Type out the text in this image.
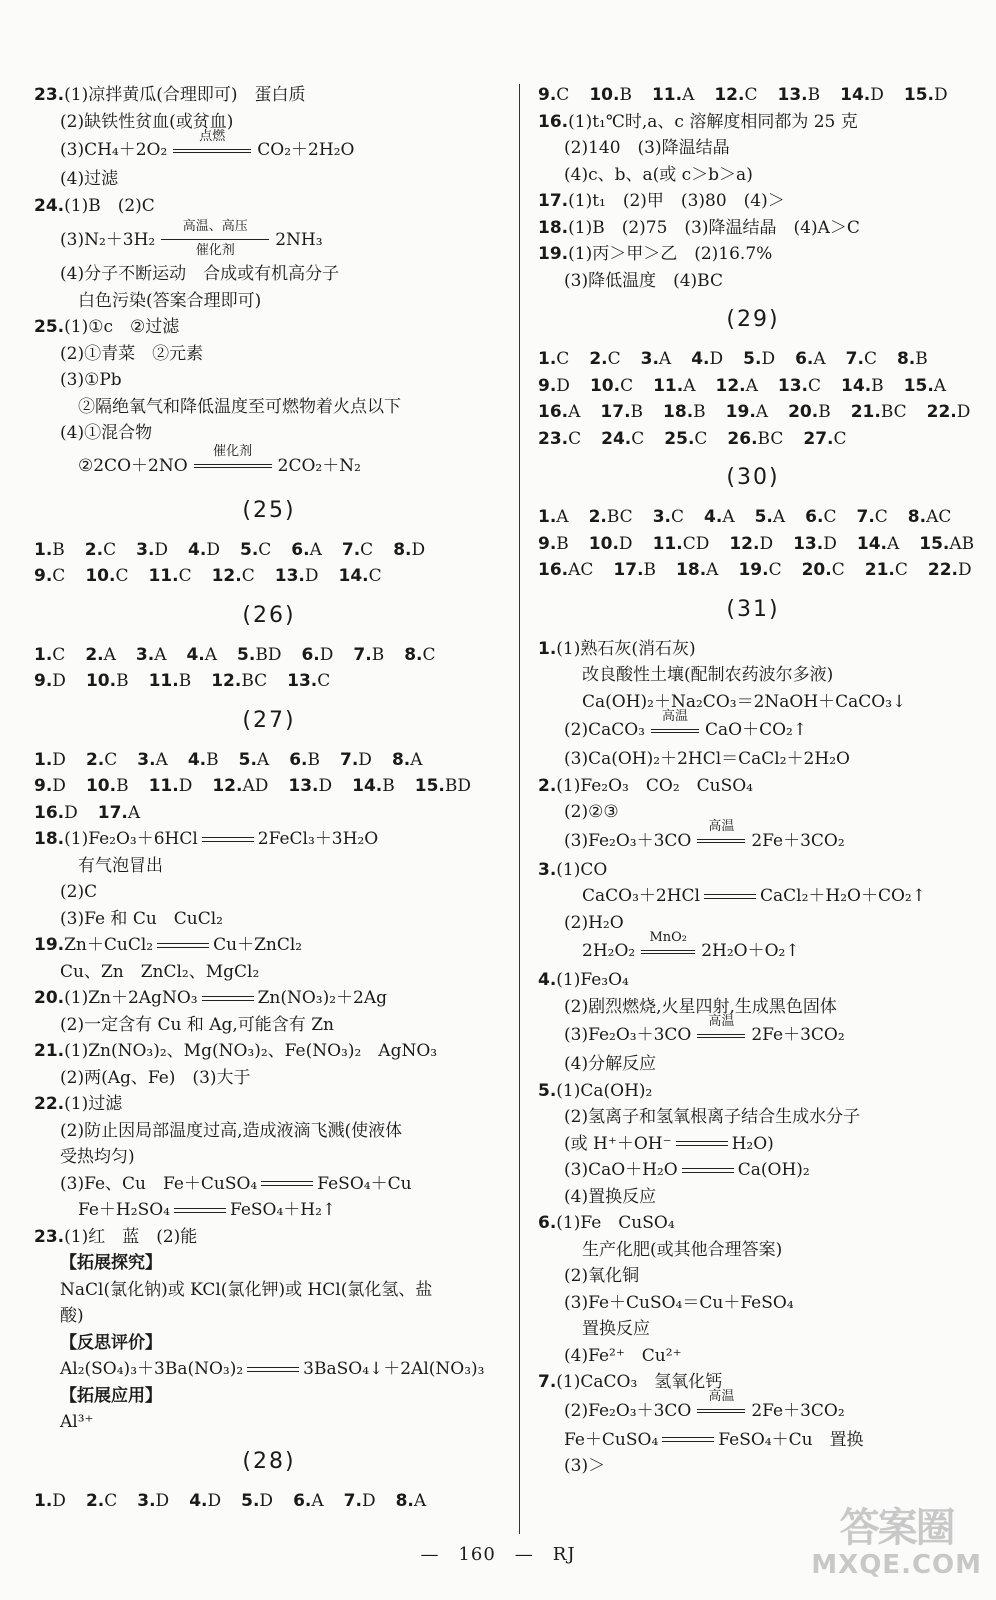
23.(1)凉拌黄瓜(合理即可)　蛋白质
(2)缺铁性贫血(或贫血)
(3)CH₄＋2O₂
点燃
CO₂＋2H₂O
(4)过滤
24.(1)B　(2)C
(3)N₂＋3H₂
高温、高压
催化剂	2NH₃
(4)分子不断运动　合成或有机高分子
白色污染(答案合理即可)
25.(1)①c　②过滤
(2)①青菜　②元素
(3)①Pb
②隔绝氧气和降低温度至可燃物着火点以下
(4)①混合物
②2CO＋2NO
催化剂
2CO₂＋N₂
(25)
1.B 2.C 3.D 4.D 5.C 6.A 7.C 8.D
9.C 10.C 11.C 12.C 13.D 14.C
(26)
1.C 2.A 3.A 4.A 5.BD 6.D 7.B 8.C
9.D 10.B 11.B 12.BC 13.C
(27)
1.D 2.C 3.A 4.B 5.A 6.B 7.D 8.A
9.D 10.B 11.D 12.AD 13.D 14.B 15.BD
16.D 17.A
18.(1)Fe₂O₃＋6HCl	2FeCl₃＋3H₂O
有气泡冒出
(2)C
(3)Fe 和 Cu　CuCl₂
19.Zn＋CuCl₂	Cu＋ZnCl₂
Cu、Zn　ZnCl₂、MgCl₂
20.(1)Zn＋2AgNO₃	Zn(NO₃)₂＋2Ag
(2)一定含有 Cu 和 Ag,可能含有 Zn
21.(1)Zn(NO₃)₂、Mg(NO₃)₂、Fe(NO₃)₂　AgNO₃
(2)两(Ag、Fe)　(3)大于
22.(1)过滤
(2)防止因局部温度过高,造成液滴飞溅(使液体
受热均匀)
(3)Fe、Cu　Fe＋CuSO₄	FeSO₄＋Cu
Fe＋H₂SO₄	FeSO₄＋H₂↑
23.(1)红　蓝　(2)能
【拓展探究】
NaCl(氯化钠)或 KCl(氯化钾)或 HCl(氯化氢、盐
酸)
【反思评价】
Al₂(SO₄)₃＋3Ba(NO₃)₂	3BaSO₄↓＋2Al(NO₃)₃
【拓展应用】
Al³⁺
(28)
1.D 2.C 3.D 4.D 5.D 6.A 7.D 8.A
9.C 10.B 11.A 12.C 13.B 14.D 15.D
16.(1)t₁℃时,a、c 溶解度相同都为 25 克
(2)140　(3)降温结晶
(4)c、b、a(或 c＞b＞a)
17.(1)t₁　(2)甲　(3)80　(4)＞
18.(1)B　(2)75　(3)降温结晶　(4)A＞C
19.(1)丙＞甲＞乙　(2)16.7%
(3)降低温度　(4)BC
(29)
1.C 2.C 3.A 4.D 5.D 6.A 7.C 8.B
9.D 10.C 11.A 12.A 13.C 14.B 15.A
16.A 17.B 18.B 19.A 20.B 21.BC 22.D
23.C 24.C 25.C 26.BC 27.C
(30)
1.A 2.BC 3.C 4.A 5.A 6.C 7.C 8.AC
9.B 10.D 11.CD 12.D 13.D 14.A 15.AB
16.AC 17.B 18.A 19.C 20.C 21.C 22.D
(31)
1.(1)熟石灰(消石灰)
改良酸性土壤(配制农药波尔多液)
Ca(OH)₂＋Na₂CO₃＝2NaOH＋CaCO₃↓
(2)CaCO₃
高温
CaO＋CO₂↑
(3)Ca(OH)₂＋2HCl＝CaCl₂＋2H₂O
2.(1)Fe₂O₃　CO₂　CuSO₄
(2)②③
(3)Fe₂O₃＋3CO
高温
2Fe＋3CO₂
3.(1)CO
CaCO₃＋2HCl	CaCl₂＋H₂O＋CO₂↑
(2)H₂O
2H₂O₂
MnO₂
2H₂O＋O₂↑
4.(1)Fe₃O₄
(2)剧烈燃烧,火星四射,生成黑色固体
(3)Fe₂O₃＋3CO
高温
2Fe＋3CO₂
(4)分解反应
5.(1)Ca(OH)₂
(2)氢离子和氢氧根离子结合生成水分子
(或 H⁺＋OH⁻	H₂O)
(3)CaO＋H₂O	Ca(OH)₂
(4)置换反应
6.(1)Fe　CuSO₄
生产化肥(或其他合理答案)
(2)氧化铜
(3)Fe＋CuSO₄＝Cu＋FeSO₄
置换反应
(4)Fe²⁺　Cu²⁺
7.(1)CaCO₃　氢氧化钙
(2)Fe₂O₃＋3CO
高温
2Fe＋3CO₂
Fe＋CuSO₄	FeSO₄＋Cu　置换
(3)＞
—　160　—　RJ
答案圈
MXQE.COM
